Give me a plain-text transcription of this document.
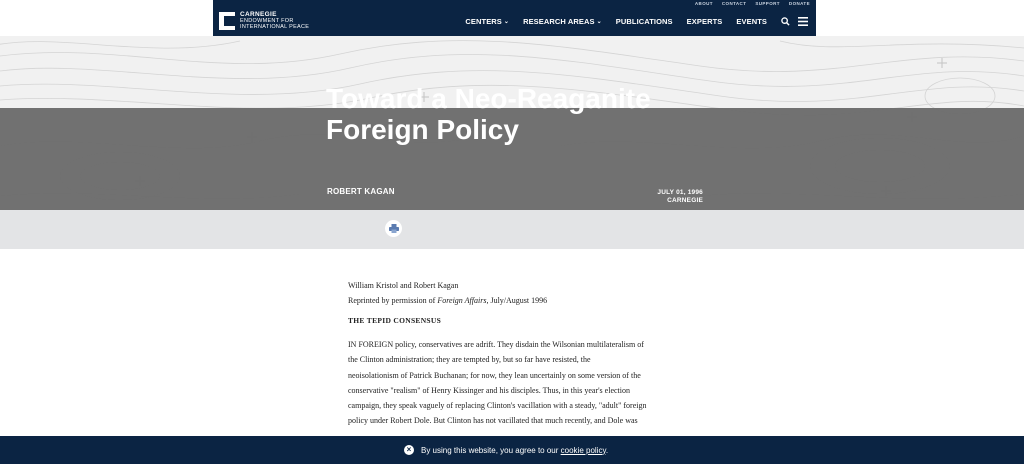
ABOUT CONTACT SUPPORT DONATE
CARNEGIE
ENDOWMENT FOR
INTERNATIONAL PEACE
CENTERS ⌄ RESEARCH AREAS ⌄ PUBLICATIONS EXPERTS EVENTS
Toward a Neo-Reaganite
Foreign Policy
ROBERT KAGAN	JULY 01, 1996
CARNEGIE
William Kristol and Robert Kagan
Reprinted by permission of Foreign Affairs, July/August 1996
THE TEPID CONSENSUS
IN FOREIGN policy, conservatives are adrift. They disdain the Wilsonian multilateralism of
the Clinton administration; they are tempted by, but so far have resisted, the
neoisolationism of Patrick Buchanan; for now, they lean uncertainly on some version of the
conservative "realism" of Henry Kissinger and his disciples. Thus, in this year's election
campaign, they speak vaguely of replacing Clinton's vacillation with a steady, "adult" foreign
policy under Robert Dole. But Clinton has not vacillated that much recently, and Dole was
×	By using this website, you agree to our cookie policy.
